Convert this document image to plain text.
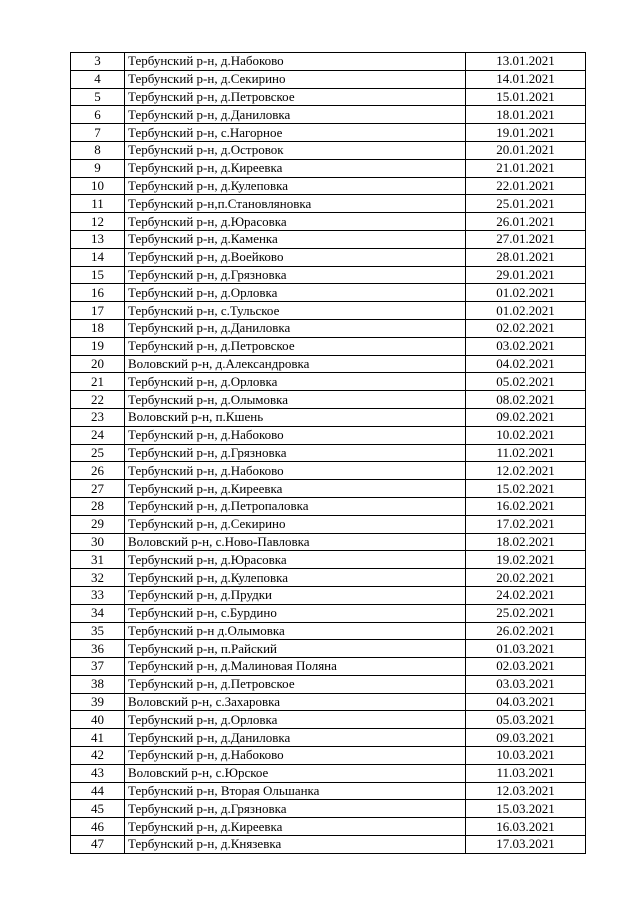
3	Тербунский р-н, д.Набоково	13.01.2021
4	Тербунский р-н, д.Секирино	14.01.2021
5	Тербунский р-н, д.Петровское	15.01.2021
6	Тербунский р-н, д.Даниловка	18.01.2021
7	Тербунский р-н, с.Нагорное	19.01.2021
8	Тербунский р-н, д.Островок	20.01.2021
9	Тербунский р-н, д.Киреевка	21.01.2021
10	Тербунский р-н, д.Кулеповка	22.01.2021
11	Тербунский р-н,п.Становляновка	25.01.2021
12	Тербунский р-н, д.Юрасовка	26.01.2021
13	Тербунский р-н, д.Каменка	27.01.2021
14	Тербунский р-н, д.Воейково	28.01.2021
15	Тербунский р-н, д.Грязновка	29.01.2021
16	Тербунский р-н, д.Орловка	01.02.2021
17	Тербунский р-н, с.Тульское	01.02.2021
18	Тербунский р-н, д.Даниловка	02.02.2021
19	Тербунский р-н, д.Петровское	03.02.2021
20	Воловский р-н, д.Александровка	04.02.2021
21	Тербунский р-н, д.Орловка	05.02.2021
22	Тербунский р-н, д.Олымовка	08.02.2021
23	Воловский р-н, п.Кшень	09.02.2021
24	Тербунский р-н, д.Набоково	10.02.2021
25	Тербунский р-н, д.Грязновка	11.02.2021
26	Тербунский р-н, д.Набоково	12.02.2021
27	Тербунский р-н, д.Киреевка	15.02.2021
28	Тербунский р-н, д.Петропаловка	16.02.2021
29	Тербунский р-н, д.Секирино	17.02.2021
30	Воловский р-н, с.Ново-Павловка	18.02.2021
31	Тербунский р-н, д.Юрасовка	19.02.2021
32	Тербунский р-н, д.Кулеповка	20.02.2021
33	Тербунский р-н, д.Прудки	24.02.2021
34	Тербунский р-н, с.Бурдино	25.02.2021
35	Тербунский р-н д.Олымовка	26.02.2021
36	Тербунский р-н, п.Райский	01.03.2021
37	Тербунский р-н, д.Малиновая Поляна	02.03.2021
38	Тербунский р-н, д.Петровское	03.03.2021
39	Воловский р-н, с.Захаровка	04.03.2021
40	Тербунский р-н, д.Орловка	05.03.2021
41	Тербунский р-н, д.Даниловка	09.03.2021
42	Тербунский р-н, д.Набоково	10.03.2021
43	Воловский р-н, с.Юрское	11.03.2021
44	Тербунский р-н, Вторая Ольшанка	12.03.2021
45	Тербунский р-н, д.Грязновка	15.03.2021
46	Тербунский р-н, д.Киреевка	16.03.2021
47	Тербунский р-н, д.Князевка	17.03.2021
